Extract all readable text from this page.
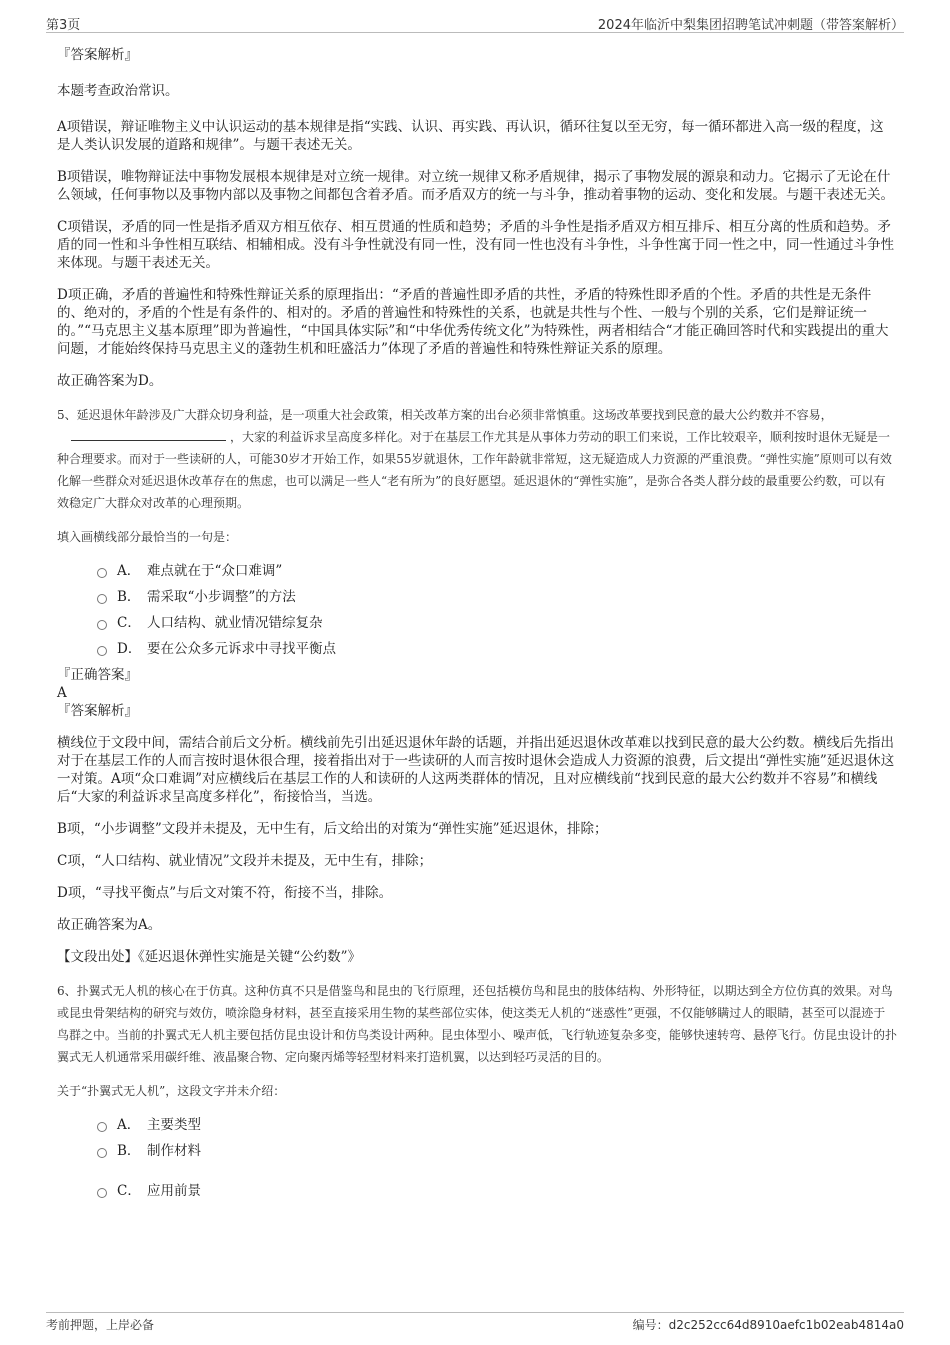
第3页	2024年临沂中梨集团招聘笔试冲刺题（带答案解析）

『答案解析』

本题考查政治常识。

A项错误，辩证唯物主义中认识运动的基本规律是指“实践、认识、再实践、再认识，循环往复以至无穷，每一循环都进入高一级的程度，这是人类认识发展的道路和规律”。与题干表述无关。

B项错误，唯物辩证法中事物发展根本规律是对立统一规律。对立统一规律又称矛盾规律，揭示了事物发展的源泉和动力。它揭示了无论在什么领域，任何事物以及事物内部以及事物之间都包含着矛盾。而矛盾双方的统一与斗争，推动着事物的运动、变化和发展。与题干表述无关。

C项错误，矛盾的同一性是指矛盾双方相互依存、相互贯通的性质和趋势；矛盾的斗争性是指矛盾双方相互排斥、相互分离的性质和趋势。矛盾的同一性和斗争性相互联结、相辅相成。没有斗争性就没有同一性，没有同一性也没有斗争性，斗争性寓于同一性之中，同一性通过斗争性来体现。与题干表述无关。

D项正确，矛盾的普遍性和特殊性辩证关系的原理指出：“矛盾的普遍性即矛盾的共性，矛盾的特殊性即矛盾的个性。矛盾的共性是无条件的、绝对的，矛盾的个性是有条件的、相对的。矛盾的普遍性和特殊性的关系，也就是共性与个性、一般与个别的关系，它们是辩证统一的。”“马克思主义基本原理”即为普遍性，“中国具体实际”和“中华优秀传统文化”为特殊性，两者相结合“才能正确回答时代和实践提出的重大问题，才能始终保持马克思主义的蓬勃生机和旺盛活力”体现了矛盾的普遍性和特殊性辩证关系的原理。

故正确答案为D。

5、延迟退休年龄涉及广大群众切身利益，是一项重大社会政策，相关改革方案的出台必须非常慎重。这场改革要找到民意的最大公约数并不容易，，大家的利益诉求呈高度多样化。对于在基层工作尤其是从事体力劳动的职工们来说，工作比较艰辛，顺利按时退休无疑是一种合理要求。而对于一些读研的人，可能30岁才开始工作，如果55岁就退休，工作年龄就非常短，这无疑造成人力资源的严重浪费。“弹性实施”原则可以有效化解一些群众对延迟退休改革存在的焦虑，也可以满足一些人“老有所为”的良好愿望。延迟退休的“弹性实施”，是弥合各类人群分歧的最重要公约数，可以有效稳定广大群众对改革的心理预期。

填入画横线部分最恰当的一句是：

A． 难点就在于“众口难调”
B． 需采取“小步调整”的方法
C． 人口结构、就业情况错综复杂
D． 要在公众多元诉求中寻找平衡点

『正确答案』

A

『答案解析』

横线位于文段中间，需结合前后文分析。横线前先引出延迟退休年龄的话题，并指出延迟退休改革难以找到民意的最大公约数。横线后先指出对于在基层工作的人而言按时退休很合理，接着指出对于一些读研的人而言按时退休会造成人力资源的浪费，后文提出“弹性实施”延迟退休这一对策。A项“众口难调”对应横线后在基层工作的人和读研的人这两类群体的情况，且对应横线前“找到民意的最大公约数并不容易”和横线后“大家的利益诉求呈高度多样化”，衔接恰当，当选。

B项，“小步调整”文段并未提及，无中生有，后文给出的对策为“弹性实施”延迟退休，排除；

C项，“人口结构、就业情况”文段并未提及，无中生有，排除；

D项，“寻找平衡点”与后文对策不符，衔接不当，排除。

故正确答案为A。

【文段出处】《延迟退休弹性实施是关键“公约数”》

6、扑翼式无人机的核心在于仿真。这种仿真不只是借鉴鸟和昆虫的飞行原理，还包括模仿鸟和昆虫的肢体结构、外形特征，以期达到全方位仿真的效果。对鸟或昆虫骨架结构的研究与效仿，喷涂隐身材料，甚至直接采用生物的某些部位实体，使这类无人机的“迷惑性”更强，不仅能够瞒过人的眼睛，甚至可以混迹于鸟群之中。当前的扑翼式无人机主要包括仿昆虫设计和仿鸟类设计两种。昆虫体型小、噪声低，飞行轨迹复杂多变，能够快速转弯、悬停飞行。仿昆虫设计的扑翼式无人机通常采用碳纤维、液晶聚合物、定向聚丙烯等轻型材料来打造机翼，以达到轻巧灵活的目的。

关于“扑翼式无人机”，这段文字并未介绍：

A． 主要类型
B． 制作材料
C． 应用前景
考前押题，上岸必备	编号：d2c252cc64d8910aefc1b02eab4814a0
